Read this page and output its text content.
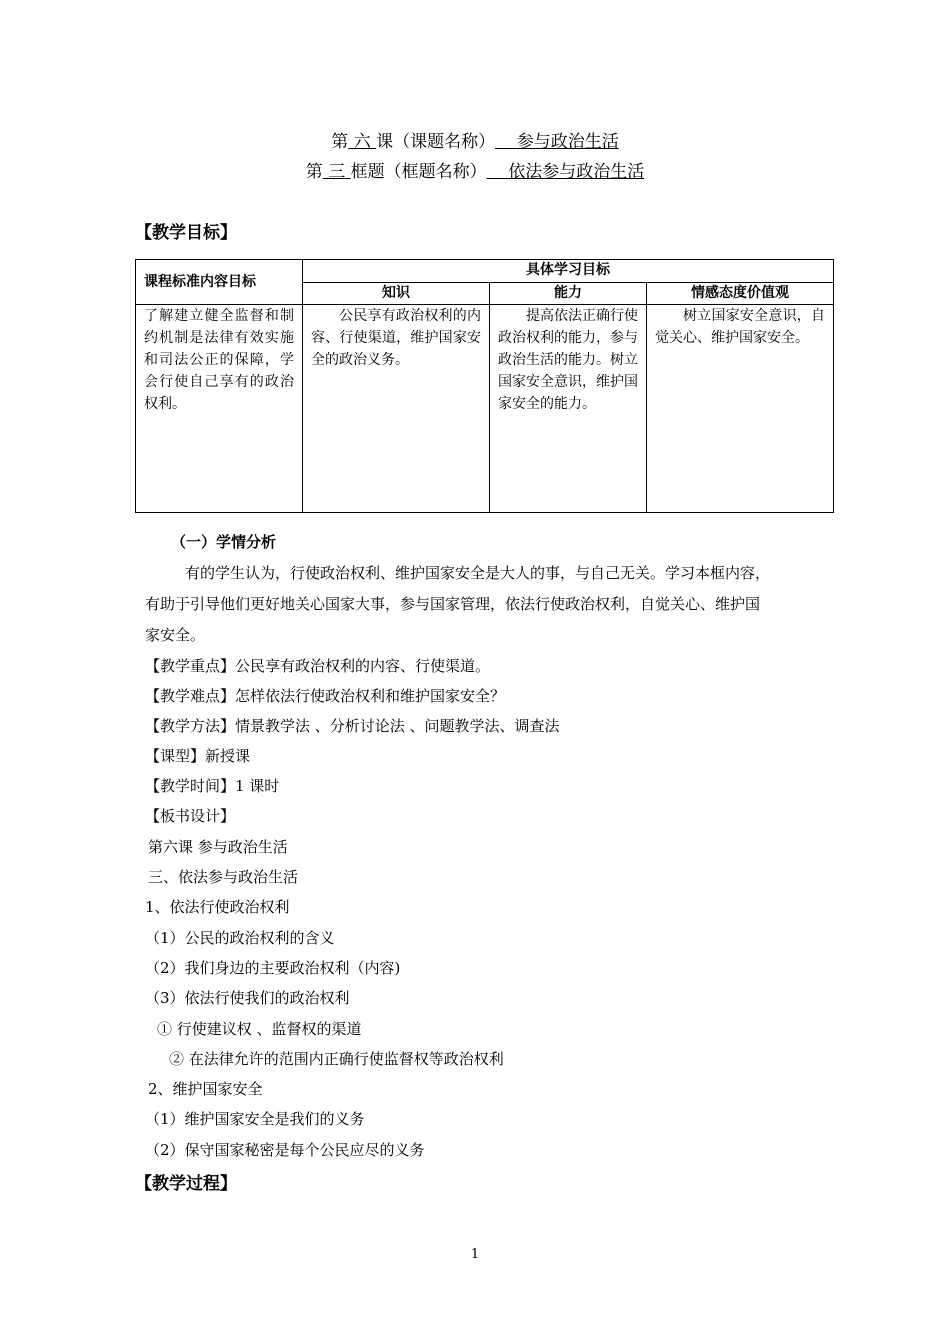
第 六 课（课题名称） 参与政治生活
第 三 框题（框题名称） 依法参与政治生活
【教学目标】
课程标准内容目标	具体学习目标		
	知识	能力	情感态度价值观
了解建立健全监督和制约机制是法律有效实施和司法公正的保障，学会行使自己享有的政治权利。	公民享有政治权利的内容、行使渠道，维护国家安全的政治义务。	提高依法正确行使政治权利的能力，参与政治生活的能力。树立国家安全意识，维护国家安全的能力。	树立国家安全意识，自觉关心、维护国家安全。
（一）学情分析
有的学生认为，行使政治权利、维护国家安全是大人的事，与自己无关。学习本框内容，
有助于引导他们更好地关心国家大事，参与国家管理，依法行使政治权利，自觉关心、维护国
家安全。
【教学重点】公民享有政治权利的内容、行使渠道。
【教学难点】怎样依法行使政治权利和维护国家安全？
【教学方法】情景教学法 、分析讨论法 、问题教学法、调查法
【课型】新授课
【教学时间】1 课时
【板书设计】
第六课 参与政治生活
三、依法参与政治生活
1、依法行使政治权利
（1）公民的政治权利的含义
（2）我们身边的主要政治权利（内容)
（3）依法行使我们的政治权利
① 行使建议权 、监督权的渠道
② 在法律允许的范围内正确行使监督权等政治权利
2、维护国家安全
（1）维护国家安全是我们的义务
（2）保守国家秘密是每个公民应尽的义务
【教学过程】
1
